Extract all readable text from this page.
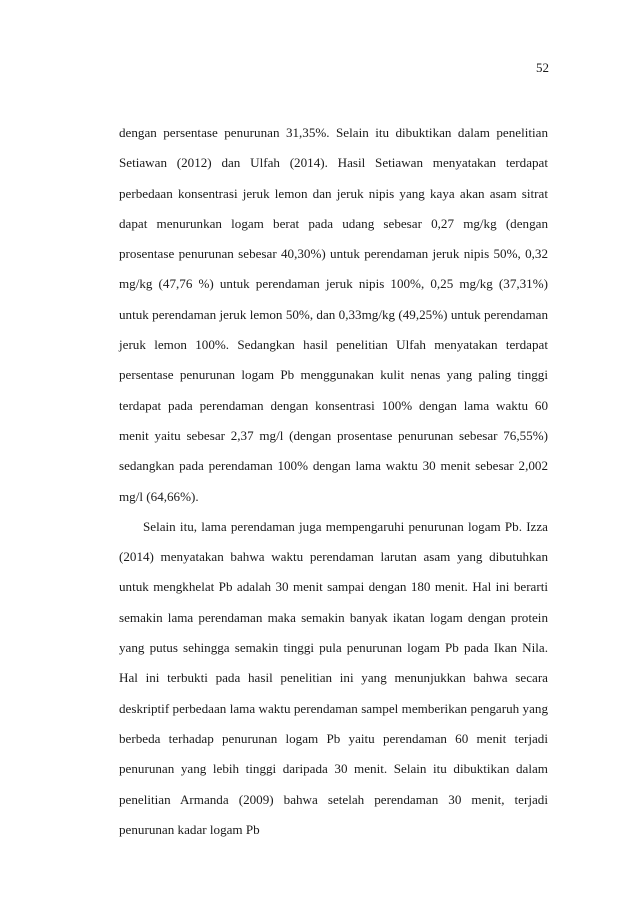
52

dengan persentase penurunan 31,35%. Selain itu dibuktikan dalam penelitian Setiawan (2012) dan Ulfah (2014). Hasil Setiawan menyatakan terdapat perbedaan konsentrasi jeruk lemon dan jeruk nipis yang kaya akan asam sitrat dapat menurunkan logam berat pada udang sebesar 0,27 mg/kg (dengan prosentase penurunan sebesar 40,30%) untuk perendaman jeruk nipis 50%, 0,32 mg/kg (47,76 %) untuk perendaman jeruk nipis 100%, 0,25 mg/kg (37,31%) untuk perendaman jeruk lemon 50%, dan 0,33mg/kg (49,25%) untuk perendaman jeruk lemon 100%. Sedangkan hasil penelitian Ulfah menyatakan terdapat persentase penurunan logam Pb menggunakan kulit nenas yang paling tinggi terdapat pada perendaman dengan konsentrasi 100% dengan lama waktu 60 menit yaitu sebesar 2,37 mg/l (dengan prosentase penurunan sebesar 76,55%) sedangkan pada perendaman 100% dengan lama waktu 30 menit sebesar 2,002 mg/l (64,66%).

Selain itu, lama perendaman juga mempengaruhi penurunan logam Pb. Izza (2014) menyatakan bahwa waktu perendaman larutan asam yang dibutuhkan untuk mengkhelat Pb adalah 30 menit sampai dengan 180 menit. Hal ini berarti semakin lama perendaman maka semakin banyak ikatan logam dengan protein yang putus sehingga semakin tinggi pula penurunan logam Pb pada Ikan Nila. Hal ini terbukti pada hasil penelitian ini yang menunjukkan bahwa secara deskriptif perbedaan lama waktu perendaman sampel memberikan pengaruh yang berbeda terhadap penurunan logam Pb yaitu perendaman 60 menit terjadi penurunan yang lebih tinggi daripada 30 menit. Selain itu dibuktikan dalam penelitian Armanda (2009) bahwa setelah perendaman 30 menit, terjadi penurunan kadar logam Pb
